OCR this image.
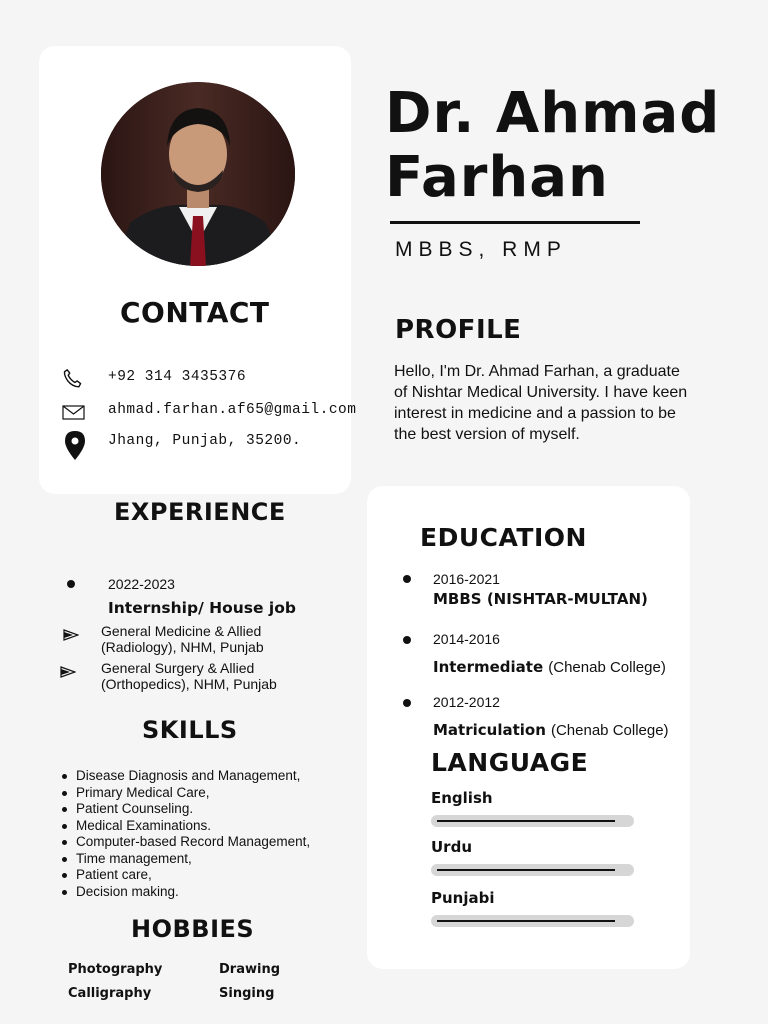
Dr. Ahmad
Farhan
MBBS, RMP
CONTACT
+92 314 3435376
ahmad.farhan.af65@gmail.com
Jhang, Punjab, 35200.
PROFILE
Hello, I'm Dr. Ahmad Farhan, a graduate of Nishtar Medical University. I have keen interest in medicine and a passion to be the best version of myself.
EXPERIENCE
2022-2023
Internship/ House job
General Medicine & Allied (Radiology), NHM, Punjab
General Surgery & Allied (Orthopedics), NHM, Punjab
SKILLS
Disease Diagnosis and Management,
Primary Medical Care,
Patient Counseling.
Medical Examinations.
Computer-based Record Management,
Time management,
Patient care,
Decision making.
HOBBIES
Photography	Drawing
Calligraphy	Singing
EDUCATION
2016-2021
MBBS (NISHTAR-MULTAN)
2014-2016
Intermediate (Chenab College)
2012-2012
Matriculation (Chenab College)
LANGUAGE
English
Urdu
Punjabi
